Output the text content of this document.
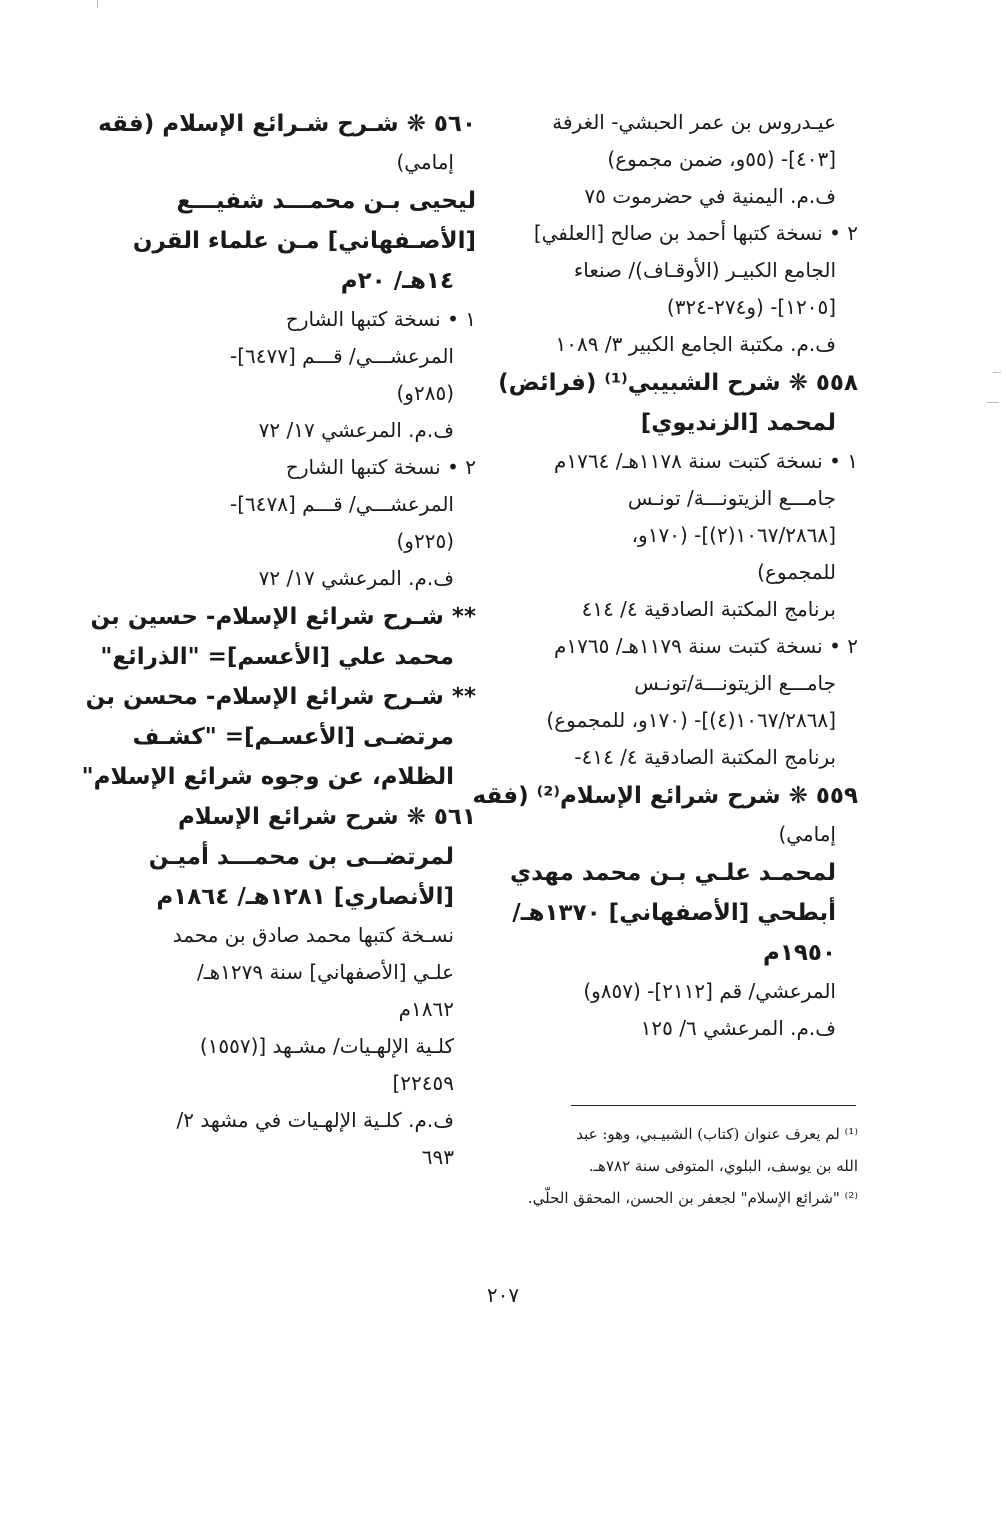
عيـدروس بن عمر الحبشي- الغرفة
[٤٠٣]- (٥٥و، ضمن مجموع)
ف.م. اليمنية في حضرموت ٧٥
٢ • نسخة كتبها أحمد بن صالح [العلفي]
الجامع الكبيـر (الأوقـاف)/ صنعاء
[١٢٠٥]- (و٢٧٤-٣٢٤)
ف.م. مكتبة الجامع الكبير ٣/ ١٠٨٩
٥٥٨ ❋ شرح الشبيبي⁽¹⁾ (فرائض)
لمحمد [الزنديوي]
١ • نسخة كتبت سنة ١١٧٨هـ/ ١٧٦٤م
جامـــع الزيتونـــة/ تونـس
[١٠٦٧/٢٨٦٨(٢)]- (١٧٠و،
للمجموع)
برنامج المكتبة الصادقية ٤/ ٤١٤
٢ • نسخة كتبت سنة ١١٧٩هـ/ ١٧٦٥م
جامـــع الزيتونـــة/تونـس
[١٠٦٧/٢٨٦٨(٤)]- (١٧٠و، للمجموع)
برنامج المكتبة الصادقية ٤/ ٤١٤-
٥٥٩ ❋ شرح شرائع الإسلام⁽²⁾ (فقه
إمامي)
لمحمـد علـي بـن محمد مهدي
أبطحي [الأصفهاني] ١٣٧٠هـ/
١٩٥٠م
المرعشي/ قم [٢١١٢]- (٨٥٧و)
ف.م. المرعشي ٦/ ١٢٥
٥٦٠ ❋ شـرح شـرائع الإسلام (فقه
إمامي)
ليحيى بـن محمـــد شفيـــع
[الأصـفهاني] مـن علماء القرن
١٤هـ/ ٢٠م
١ • نسخة كتبها الشارح
المرعشـــي/ قـــم [٦٤٧٧]-
(٢٨٥و)
ف.م. المرعشي ١٧/ ٧٢
٢ • نسخة كتبها الشارح
المرعشـــي/ قـــم [٦٤٧٨]-
(٢٢٥و)
ف.م. المرعشي ١٧/ ٧٢
** شـرح شرائع الإسلام- حسين بن
محمد علي [الأعسم]= "الذرائع"
** شـرح شرائع الإسلام- محسن بن
مرتضـى [الأعسـم]= "كشـف
الظلام، عن وجوه شرائع الإسلام"
٥٦١ ❋ شرح شرائع الإسلام
لمرتضــى بن محمـــد أميـن
[الأنصاري] ١٢٨١هـ/ ١٨٦٤م
نسـخة كتبها محمد صادق بن محمد
علـي [الأصفهاني] سنة ١٢٧٩هـ/
١٨٦٢م
كلـية الإلهـيات/ مشـهد [(١٥٥٧)
٢٢٤٥٩]
ف.م. كلـية الإلهـيات في مشهد ٢/
٦٩٣
⁽¹⁾ لم يعرف عنوان (كتاب) الشبيـبي، وهو: عبد
الله بن يوسف، البلوي، المتوفى سنة ٧٨٢هـ.
⁽²⁾ "شرائع الإسلام" لجعفر بن الحسن، المحقق الحلّي.
٢٠٧
